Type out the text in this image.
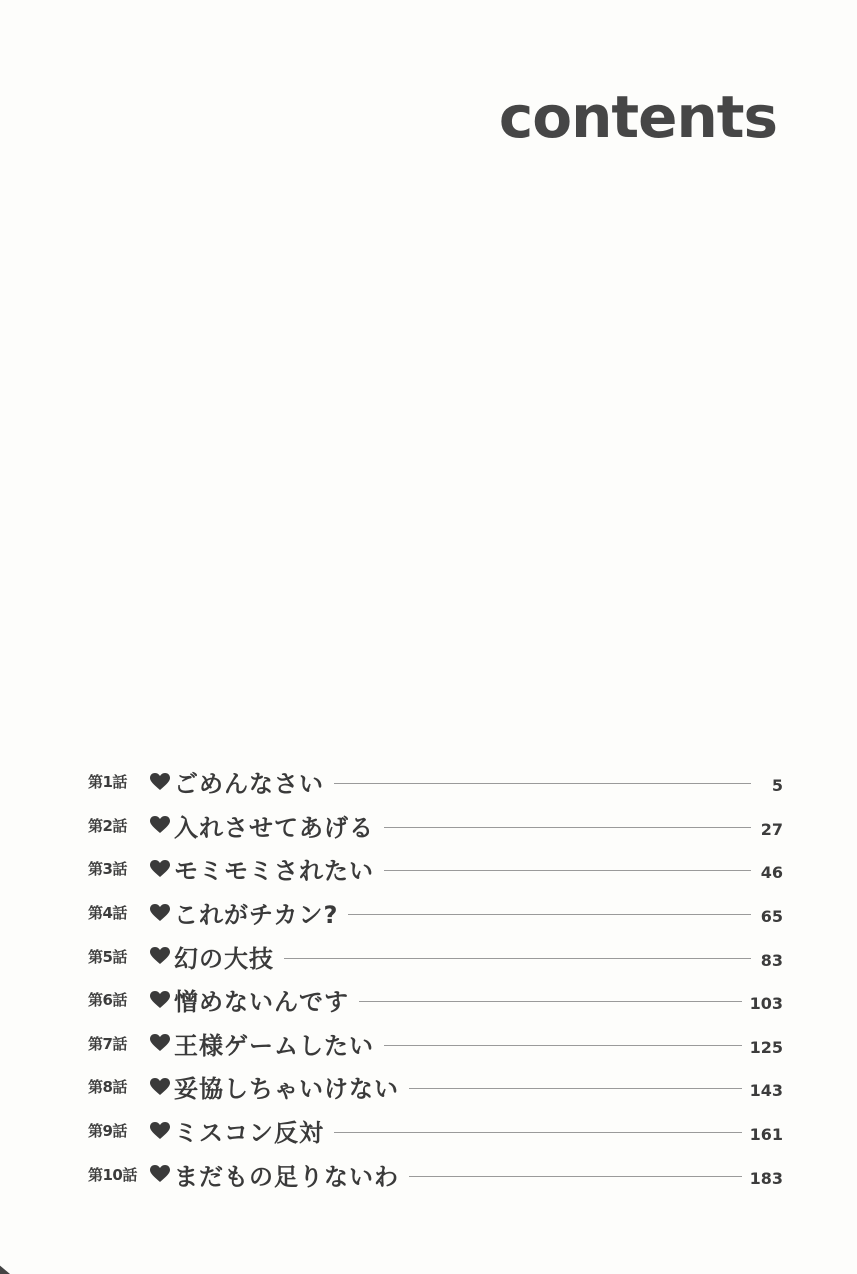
contents
第1話	ごめんなさい	5
第2話	入れさせてあげる	27
第3話	モミモミされたい	46
第4話	これがチカン?	65
第5話	幻の大技	83
第6話	憎めないんです	103
第7話	王様ゲームしたい	125
第8話	妥協しちゃいけない	143
第9話	ミスコン反対	161
第10話	まだもの足りないわ	183
